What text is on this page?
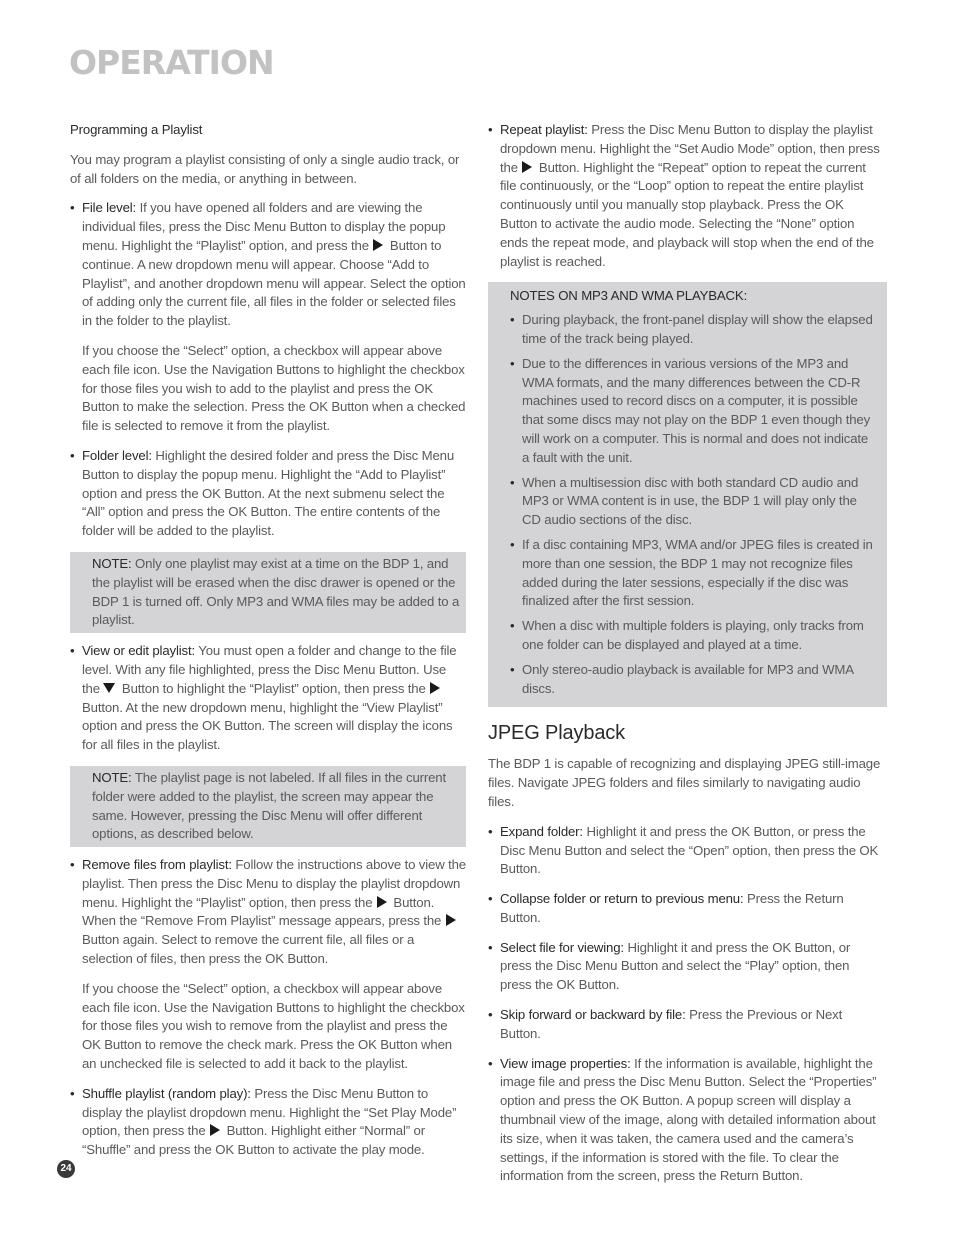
OPERATION
Programming a Playlist

You may program a playlist consisting of only a single audio track, or of all folders on the media, or anything in between.

• File level: If you have opened all folders and are viewing the individual files, press the Disc Menu Button to display the popup menu. Highlight the “Playlist” option, and press the  Button to continue. A new dropdown menu will appear. Choose “Add to Playlist”, and another dropdown menu will appear. Select the option of adding only the current file, all files in the folder or selected files in the folder to the playlist.

If you choose the “Select” option, a checkbox will appear above each file icon. Use the Navigation Buttons to highlight the checkbox for those files you wish to add to the playlist and press the OK Button to make the selection. Press the OK Button when a checked file is selected to remove it from the playlist.

• Folder level: Highlight the desired folder and press the Disc Menu Button to display the popup menu. Highlight the “Add to Playlist” option and press the OK Button. At the next submenu select the “All” option and press the OK Button. The entire contents of the folder will be added to the playlist.

NOTE: Only one playlist may exist at a time on the BDP 1, and the playlist will be erased when the disc drawer is opened or the BDP 1 is turned off. Only MP3 and WMA files may be added to a playlist.

• View or edit playlist: You must open a folder and change to the file level. With any file highlighted, press the Disc Menu Button. Use the  Button to highlight the “Playlist” option, then press the  Button. At the new dropdown menu, highlight the “View Playlist” option and press the OK Button. The screen will display the icons for all files in the playlist.

NOTE: The playlist page is not labeled. If all files in the current folder were added to the playlist, the screen may appear the same. However, pressing the Disc Menu will offer different options, as described below.

• Remove files from playlist: Follow the instructions above to view the playlist. Then press the Disc Menu to display the playlist dropdown menu. Highlight the “Playlist” option, then press the  Button. When the “Remove From Playlist” message appears, press the  Button again. Select to remove the current file, all files or a selection of files, then press the OK Button.

If you choose the “Select” option, a checkbox will appear above each file icon. Use the Navigation Buttons to highlight the checkbox for those files you wish to remove from the playlist and press the OK Button to remove the check mark. Press the OK Button when an unchecked file is selected to add it back to the playlist.

• Shuffle playlist (random play): Press the Disc Menu Button to display the playlist dropdown menu. Highlight the “Set Play Mode” option, then press the  Button. Highlight either “Normal” or “Shuffle” and press the OK Button to activate the play mode.
• Repeat playlist: Press the Disc Menu Button to display the playlist dropdown menu. Highlight the “Set Audio Mode” option, then press the  Button. Highlight the “Repeat” option to repeat the current file continuously, or the “Loop” option to repeat the entire playlist continuously until you manually stop playback. Press the OK Button to activate the audio mode. Selecting the “None” option ends the repeat mode, and playback will stop when the end of the playlist is reached.
NOTES ON MP3 AND WMA PLAYBACK:
• During playback, the front-panel display will show the elapsed time of the track being played.
• Due to the differences in various versions of the MP3 and WMA formats, and the many differences between the CD-R machines used to record discs on a computer, it is possible that some discs may not play on the BDP 1 even though they will work on a computer. This is normal and does not indicate a fault with the unit.
• When a multisession disc with both standard CD audio and MP3 or WMA content is in use, the BDP 1 will play only the CD audio sections of the disc.
• If a disc containing MP3, WMA and/or JPEG files is created in more than one session, the BDP 1 may not recognize files added during the later sessions, especially if the disc was finalized after the first session.
• When a disc with multiple folders is playing, only tracks from one folder can be displayed and played at a time.
• Only stereo-audio playback is available for MP3 and WMA discs.
JPEG Playback

The BDP 1 is capable of recognizing and displaying JPEG still-image files. Navigate JPEG folders and files similarly to navigating audio files.

• Expand folder: Highlight it and press the OK Button, or press the Disc Menu Button and select the “Open” option, then press the OK Button.
• Collapse folder or return to previous menu: Press the Return Button.
• Select file for viewing: Highlight it and press the OK Button, or press the Disc Menu Button and select the “Play” option, then press the OK Button.
• Skip forward or backward by file: Press the Previous or Next Button.
• View image properties: If the information is available, highlight the image file and press the Disc Menu Button. Select the “Properties” option and press the OK Button. A popup screen will display a thumbnail view of the image, along with detailed information about its size, when it was taken, the camera used and the camera’s settings, if the information is stored with the file. To clear the information from the screen, press the Return Button.
24
